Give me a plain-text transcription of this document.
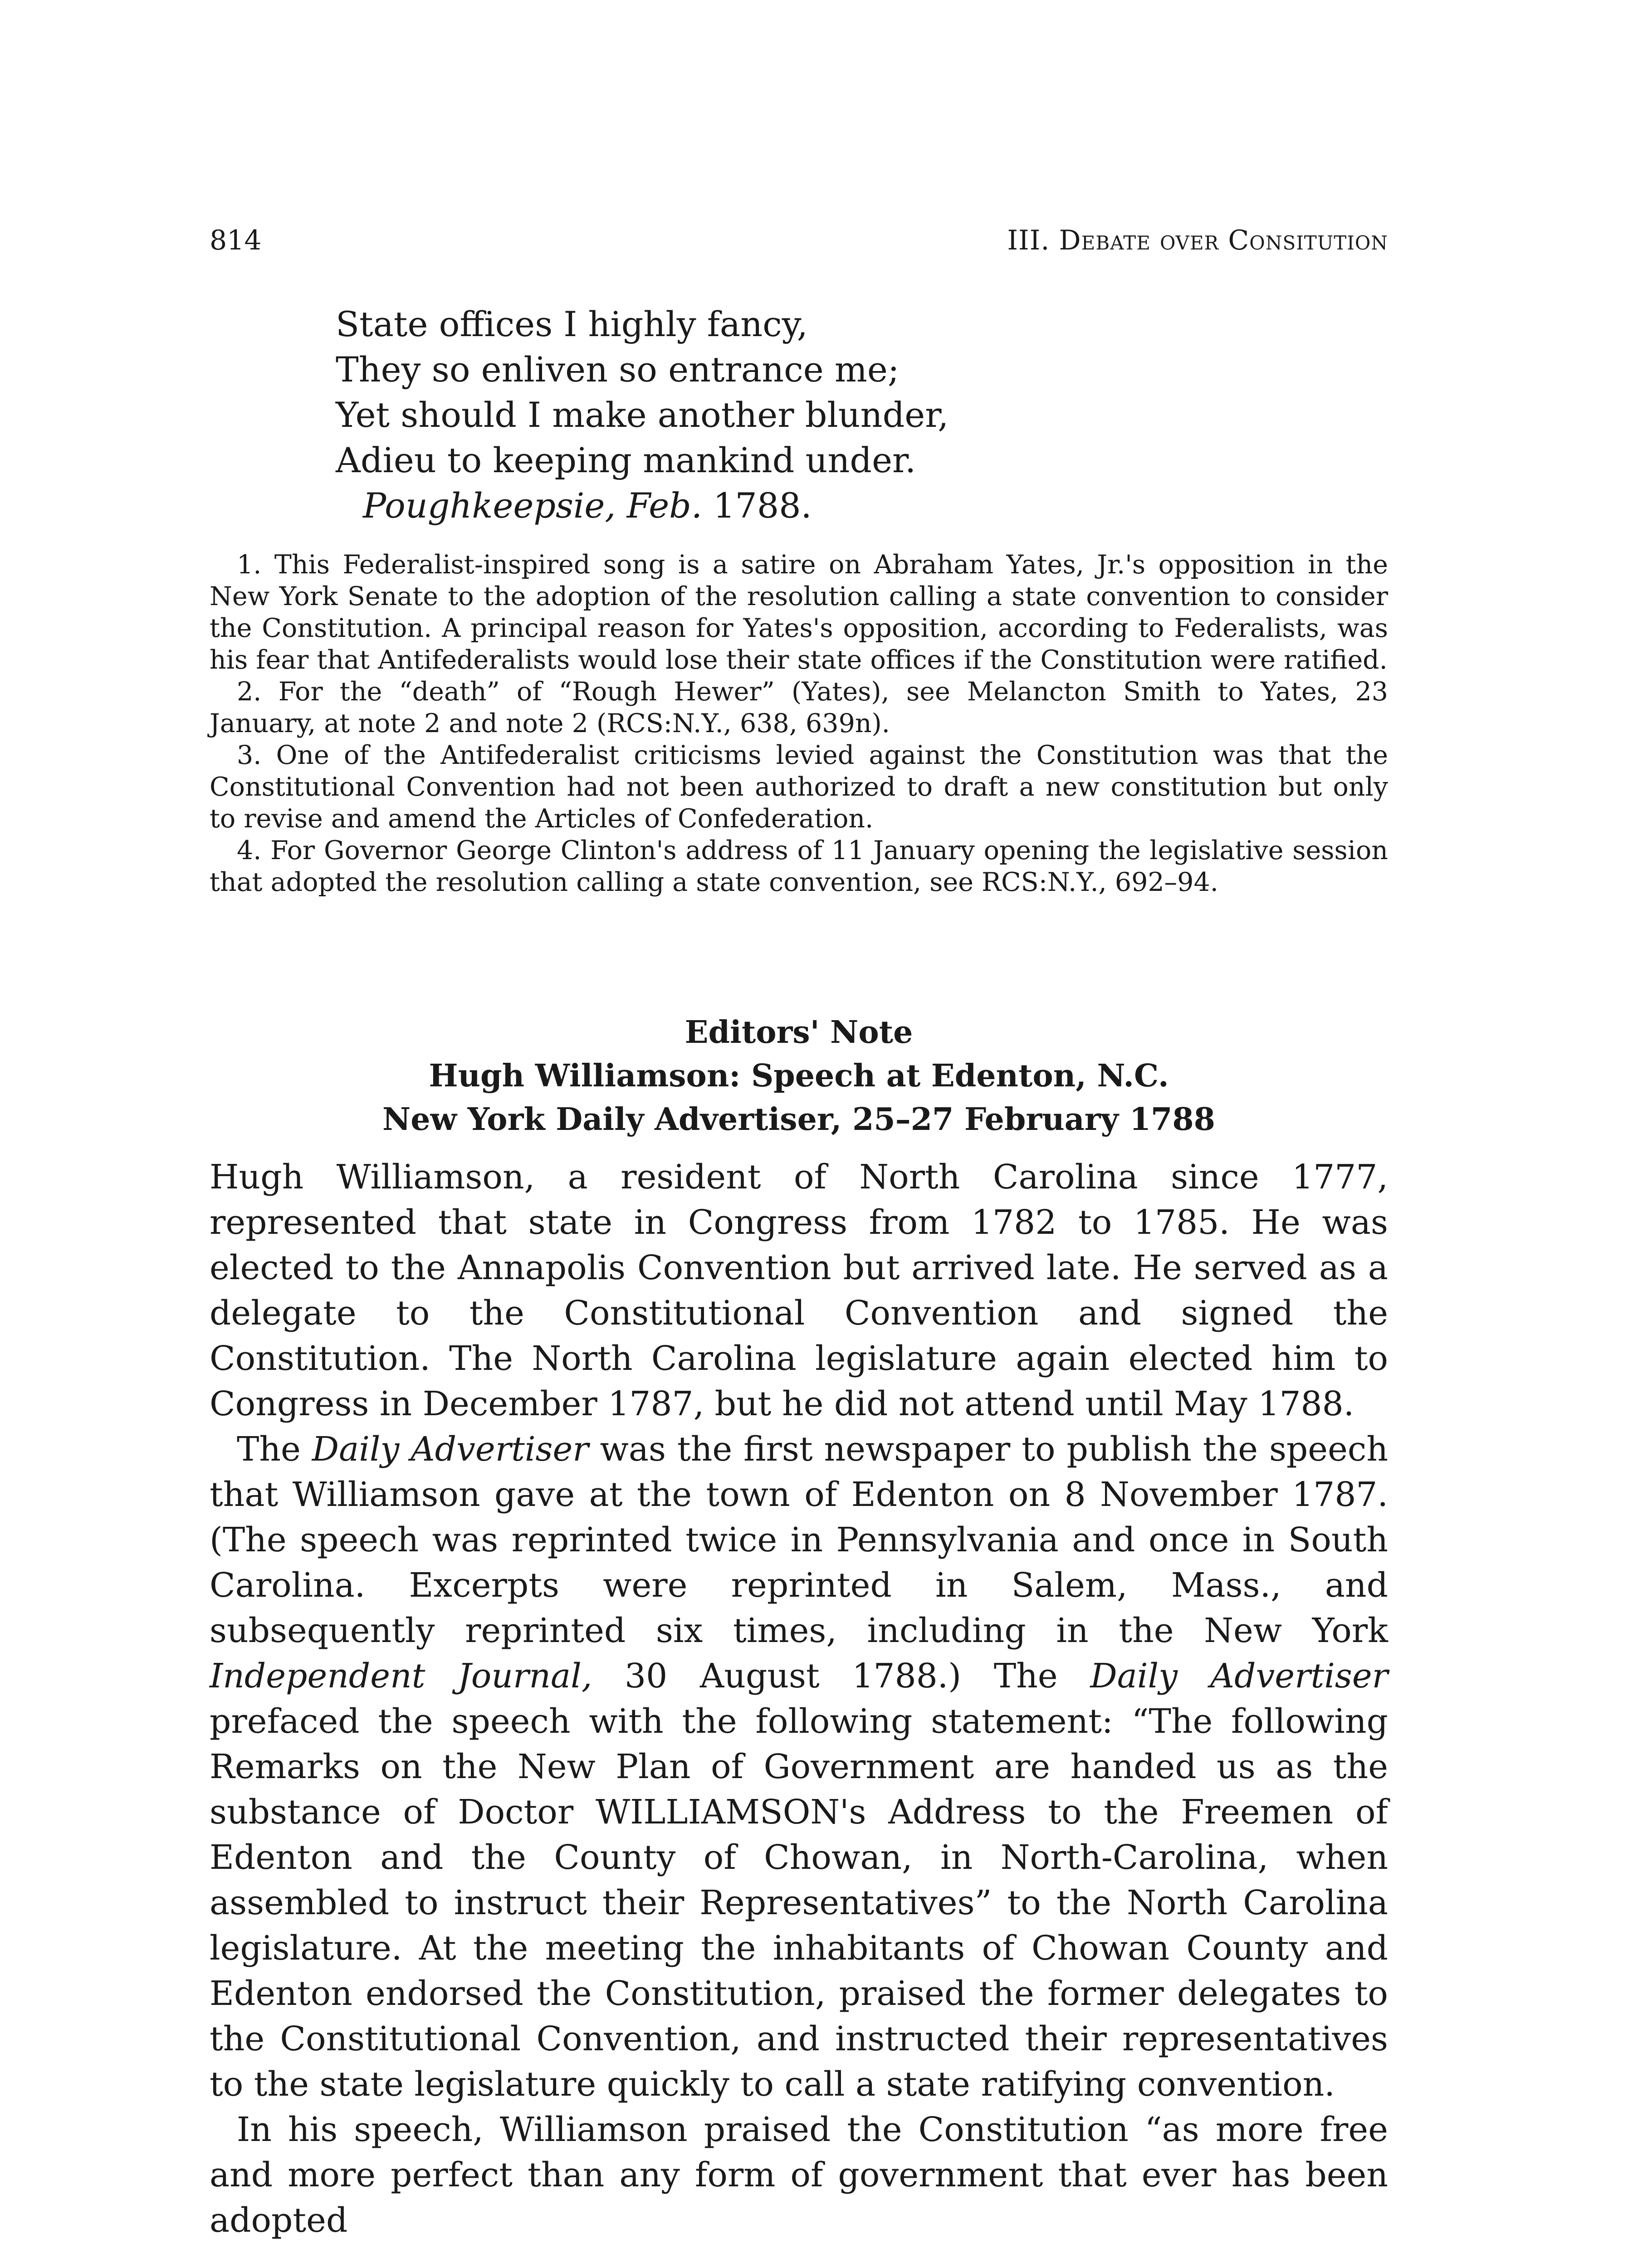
814	III. Debate over Consitution
State offices I highly fancy,
They so enliven so entrance me;
Yet should I make another blunder,
Adieu to keeping mankind under.
Poughkeepsie, Feb. 1788.

1. This Federalist-inspired song is a satire on Abraham Yates, Jr.'s opposition in the New York Senate to the adoption of the resolution calling a state convention to consider the Constitution. A principal reason for Yates's opposition, according to Federalists, was his fear that Antifederalists would lose their state offices if the Constitution were ratified.

2. For the “death” of “Rough Hewer” (Yates), see Melancton Smith to Yates, 23 January, at note 2 and note 2 (RCS:N.Y., 638, 639n).

3. One of the Antifederalist criticisms levied against the Constitution was that the Constitutional Convention had not been authorized to draft a new constitution but only to revise and amend the Articles of Confederation.

4. For Governor George Clinton's address of 11 January opening the legislative session that adopted the resolution calling a state convention, see RCS:N.Y., 692–94.

Editors' Note
Hugh Williamson: Speech at Edenton, N.C.
New York Daily Advertiser, 25–27 February 1788

Hugh Williamson, a resident of North Carolina since 1777, represented that state in Congress from 1782 to 1785. He was elected to the Annapolis Convention but arrived late. He served as a delegate to the Constitutional Convention and signed the Constitution. The North Carolina legislature again elected him to Congress in December 1787, but he did not attend until May 1788.

The Daily Advertiser was the first newspaper to publish the speech that Williamson gave at the town of Edenton on 8 November 1787. (The speech was reprinted twice in Pennsylvania and once in South Carolina. Excerpts were reprinted in Salem, Mass., and subsequently reprinted six times, including in the New York Independent Journal, 30 August 1788.) The Daily Advertiser prefaced the speech with the following statement: “The following Remarks on the New Plan of Government are handed us as the substance of Doctor WILLIAMSON's Address to the Freemen of Edenton and the County of Chowan, in North-Carolina, when assembled to instruct their Representatives” to the North Carolina legislature. At the meeting the inhabitants of Chowan County and Edenton endorsed the Constitution, praised the former delegates to the Constitutional Convention, and instructed their representatives to the state legislature quickly to call a state ratifying convention.

In his speech, Williamson praised the Constitution “as more free and more perfect than any form of government that ever has been adopted
